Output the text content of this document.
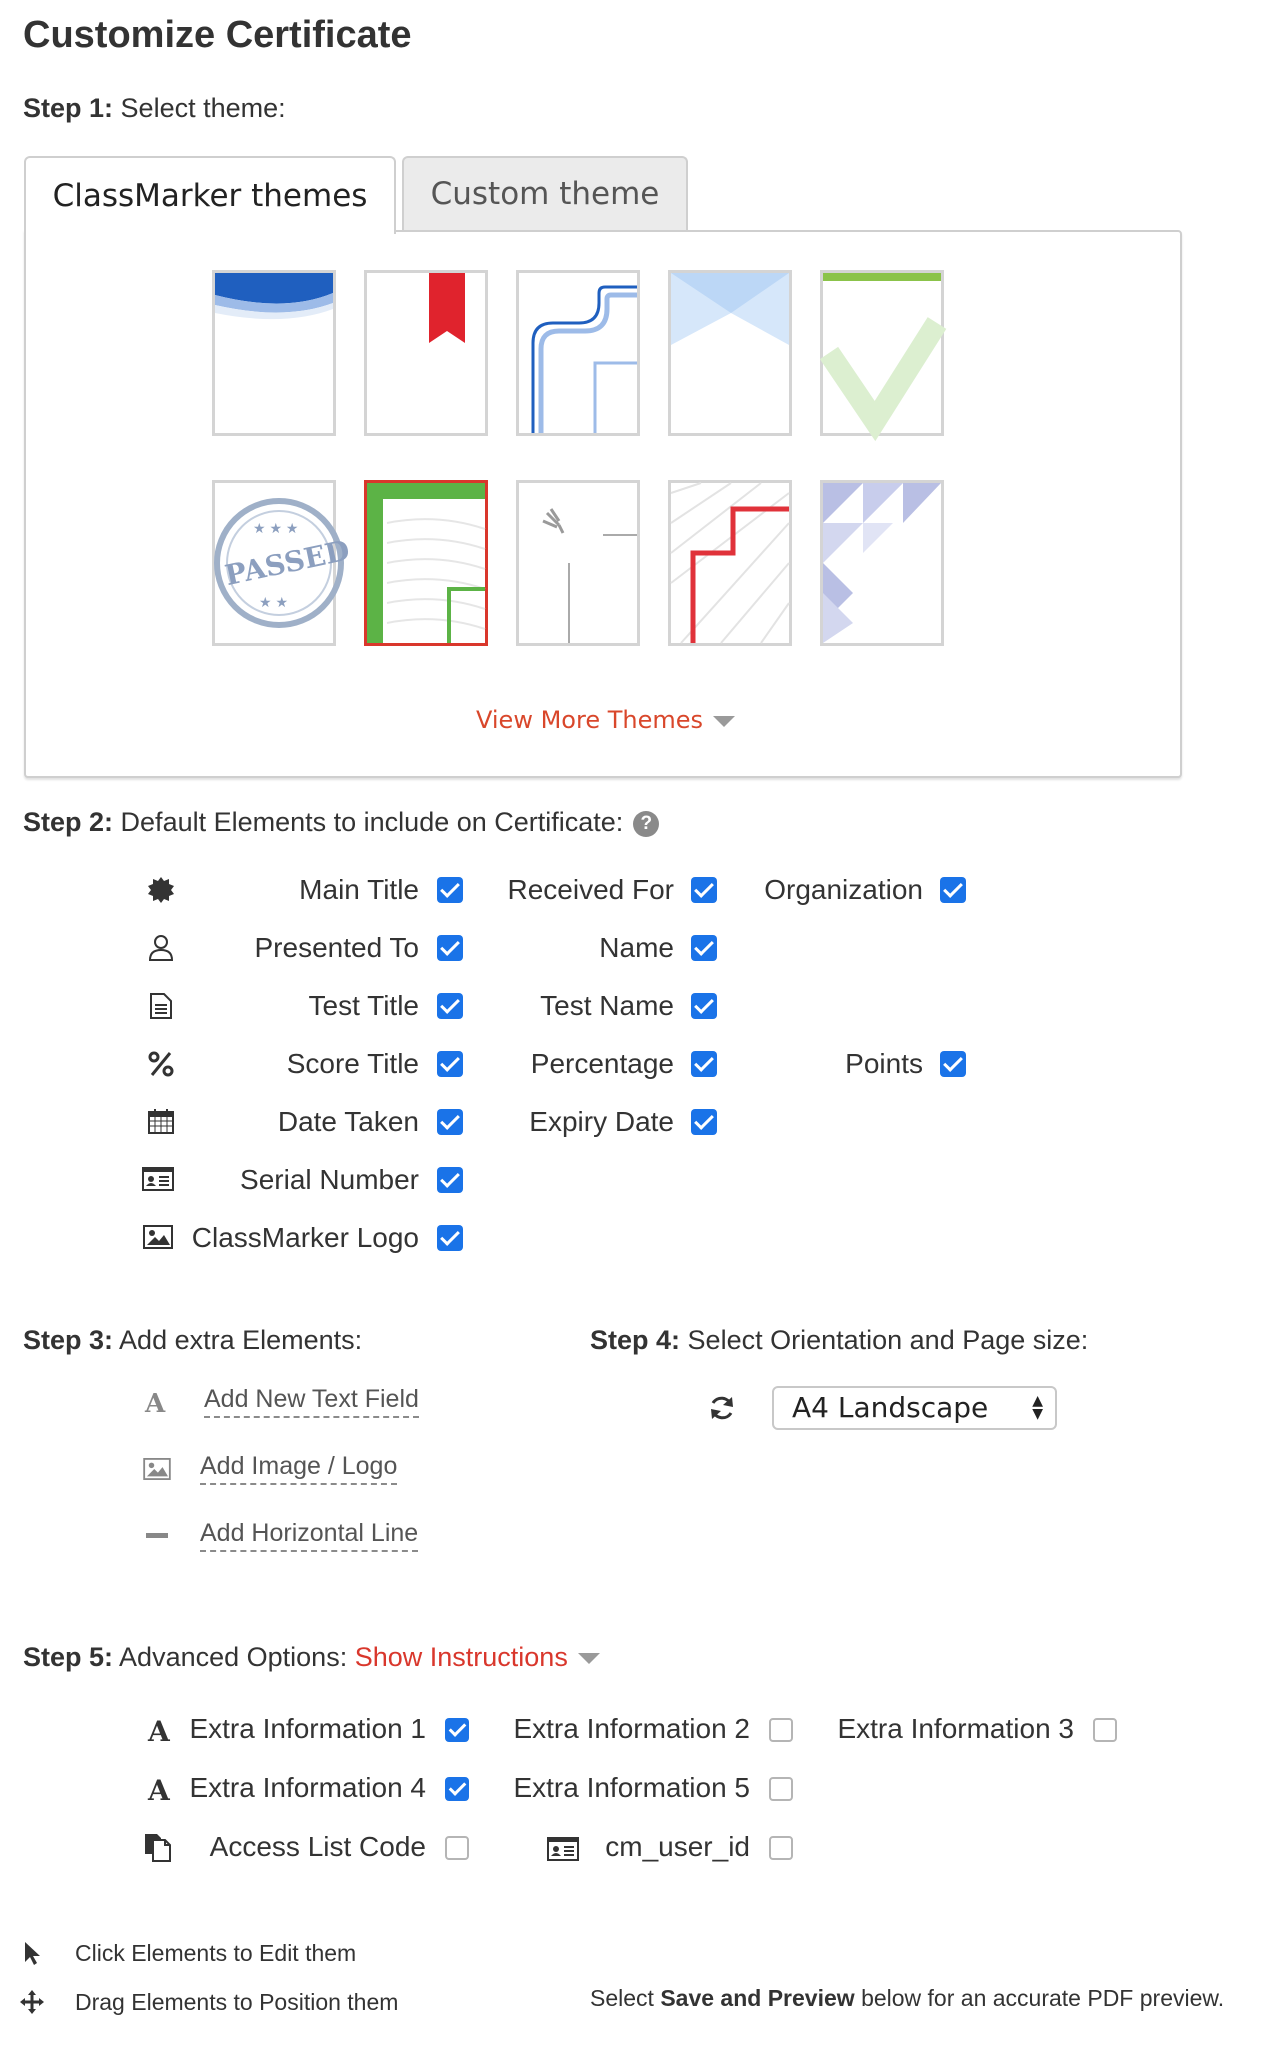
Customize Certificate
Step 1: Select theme:
ClassMarker themes Custom theme
PASSED
★ ★ ★
★ ★
View More Themes
Step 2: Default Elements to include on Certificate: ?
Main Title	Received For	Organization
Presented To	Name
Test Title	Test Name
Score Title	Percentage	Points
Date Taken	Expiry Date
Serial Number
ClassMarker Logo
Step 3: Add extra Elements:
A Add New Text Field
Add Image / Logo
Add Horizontal Line
Step 4: Select Orientation and Page size:
A4 Landscape	▲
▼
Step 5: Advanced Options: Show Instructions
A Extra Information 1	Extra Information 2	Extra Information 3
A Extra Information 4	Extra Information 5
Access List Code	cm_user_id
Click Elements to Edit them
Drag Elements to Position them	Select Save and Preview below for an accurate PDF preview.
